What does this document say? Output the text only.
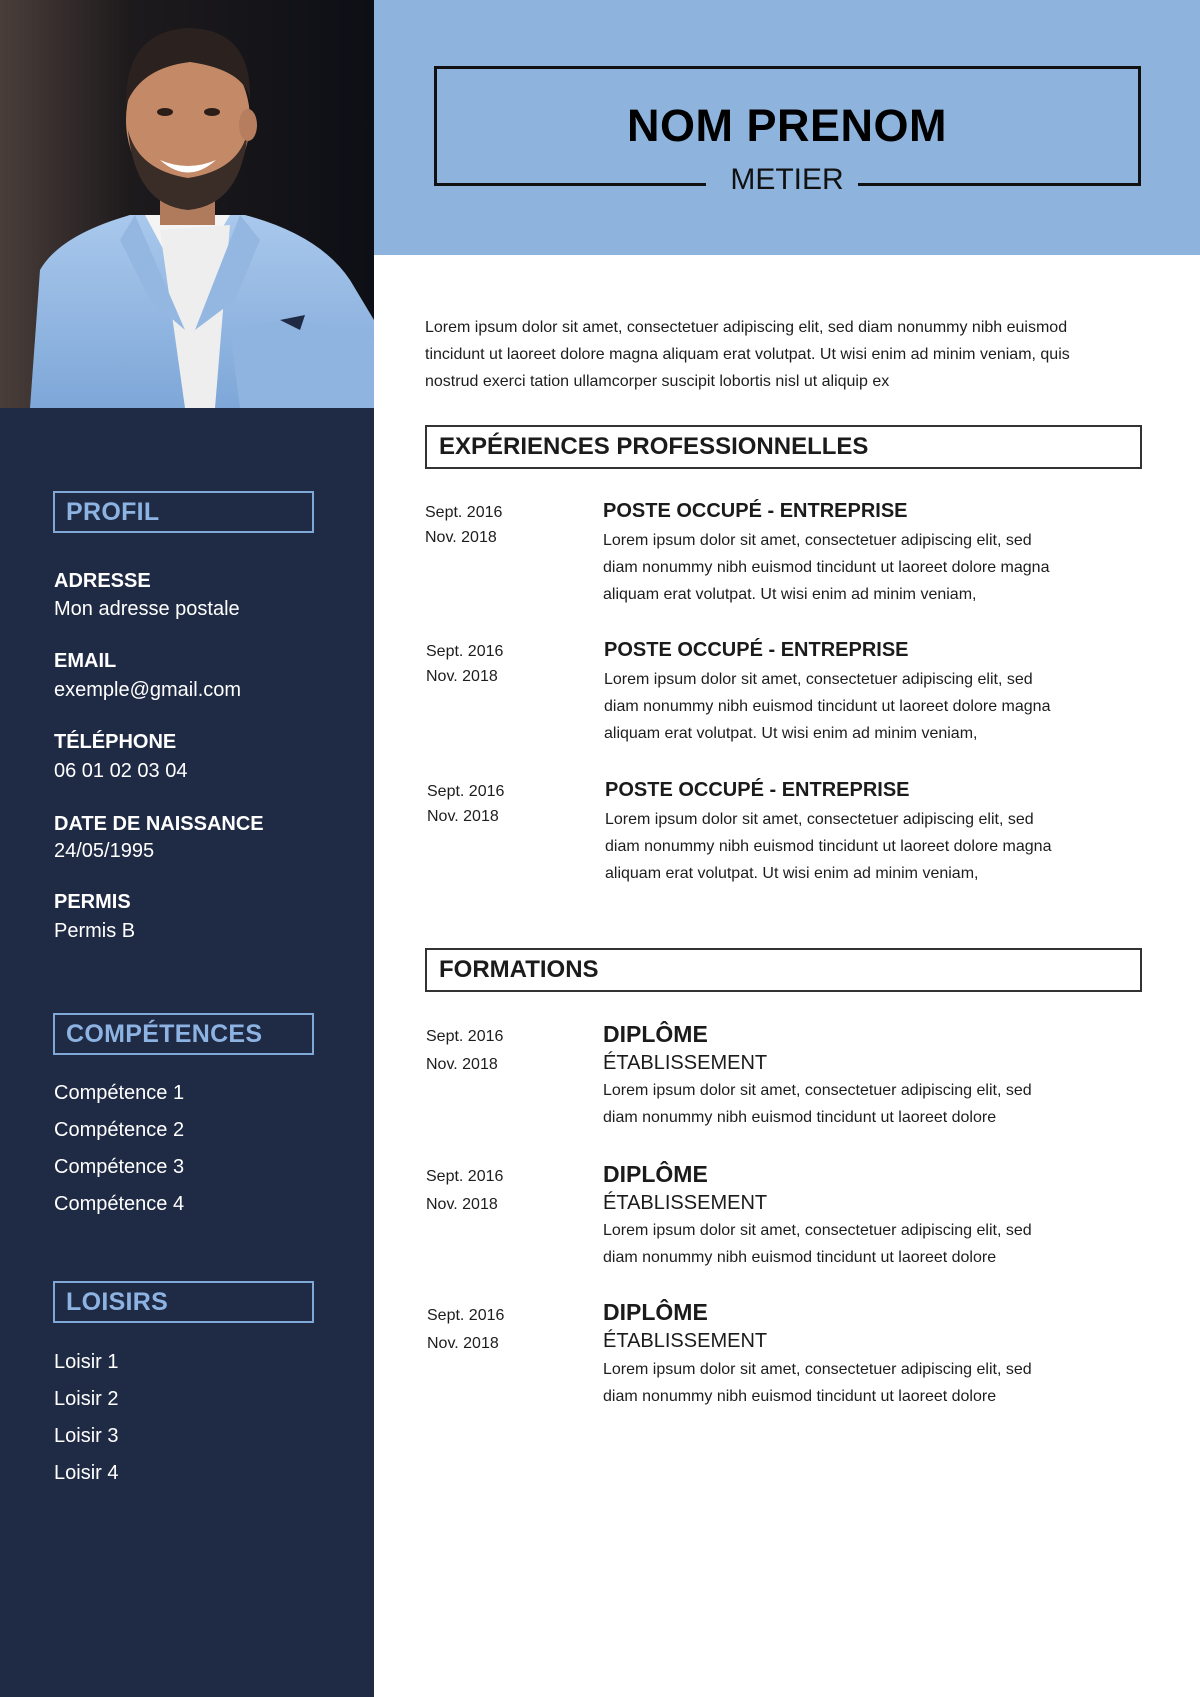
PROFIL
ADRESSE
Mon adresse postale
EMAIL
exemple@gmail.com
TÉLÉPHONE
06 01 02 03 04
DATE DE NAISSANCE
24/05/1995
PERMIS
Permis B
COMPÉTENCES
Compétence 1
Compétence 2
Compétence 3
Compétence 4
LOISIRS
Loisir 1
Loisir 2
Loisir 3
Loisir 4
NOM PRENOM
METIER
Lorem ipsum dolor sit amet, consectetuer adipiscing elit, sed diam nonummy nibh euismod tincidunt ut laoreet dolore magna aliquam erat volutpat. Ut wisi enim ad minim veniam, quis nostrud exerci tation ullamcorper suscipit lobortis nisl ut aliquip ex
EXPÉRIENCES PROFESSIONNELLES
Sept. 2016
Nov. 2018
POSTE OCCUPÉ - ENTREPRISE
Lorem ipsum dolor sit amet, consectetuer adipiscing elit, sed diam nonummy nibh euismod tincidunt ut laoreet dolore magna aliquam erat volutpat. Ut wisi enim ad minim veniam,
Sept. 2016
Nov. 2018
POSTE OCCUPÉ - ENTREPRISE
Lorem ipsum dolor sit amet, consectetuer adipiscing elit, sed diam nonummy nibh euismod tincidunt ut laoreet dolore magna aliquam erat volutpat. Ut wisi enim ad minim veniam,
Sept. 2016
Nov. 2018
POSTE OCCUPÉ - ENTREPRISE
Lorem ipsum dolor sit amet, consectetuer adipiscing elit, sed diam nonummy nibh euismod tincidunt ut laoreet dolore magna aliquam erat volutpat. Ut wisi enim ad minim veniam,
FORMATIONS
Sept. 2016
Nov. 2018
DIPLÔME
ÉTABLISSEMENT
Lorem ipsum dolor sit amet, consectetuer adipiscing elit, sed diam nonummy nibh euismod tincidunt ut laoreet dolore
Sept. 2016
Nov. 2018
DIPLÔME
ÉTABLISSEMENT
Lorem ipsum dolor sit amet, consectetuer adipiscing elit, sed diam nonummy nibh euismod tincidunt ut laoreet dolore
Sept. 2016
Nov. 2018
DIPLÔME
ÉTABLISSEMENT
Lorem ipsum dolor sit amet, consectetuer adipiscing elit, sed diam nonummy nibh euismod tincidunt ut laoreet dolore
